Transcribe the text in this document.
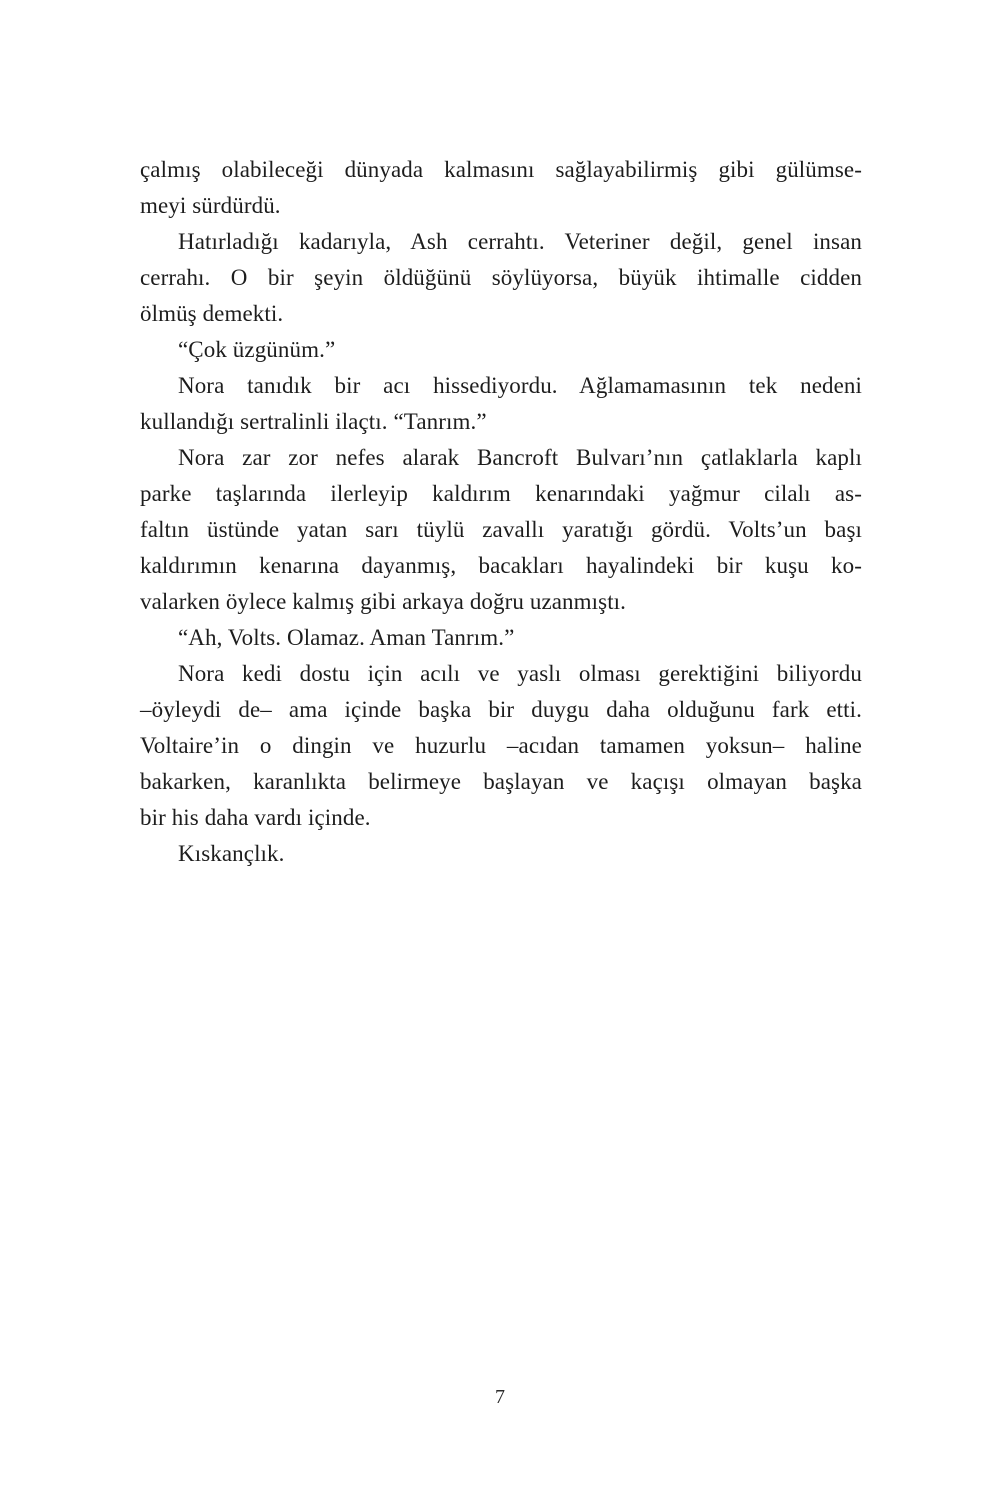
çalmış olabileceği dünyada kalmasını sağlayabilirmiş gibi gülümse-
meyi sürdürdü.
Hatırladığı kadarıyla, Ash cerrahtı. Veteriner değil, genel insan
cerrahı. O bir şeyin öldüğünü söylüyorsa, büyük ihtimalle cidden
ölmüş demekti.
“Çok üzgünüm.”
Nora tanıdık bir acı hissediyordu. Ağlamamasının tek nedeni
kullandığı sertralinli ilaçtı. “Tanrım.”
Nora zar zor nefes alarak Bancroft Bulvarı’nın çatlaklarla kaplı
parke taşlarında ilerleyip kaldırım kenarındaki yağmur cilalı as-
faltın üstünde yatan sarı tüylü zavallı yaratığı gördü. Volts’un başı
kaldırımın kenarına dayanmış, bacakları hayalindeki bir kuşu ko-
valarken öylece kalmış gibi arkaya doğru uzanmıştı.
“Ah, Volts. Olamaz. Aman Tanrım.”
Nora kedi dostu için acılı ve yaslı olması gerektiğini biliyordu
–öyleydi de– ama içinde başka bir duygu daha olduğunu fark etti.
Voltaire’in o dingin ve huzurlu –acıdan tamamen yoksun– haline
bakarken, karanlıkta belirmeye başlayan ve kaçışı olmayan başka
bir his daha vardı içinde.
Kıskançlık.
7
